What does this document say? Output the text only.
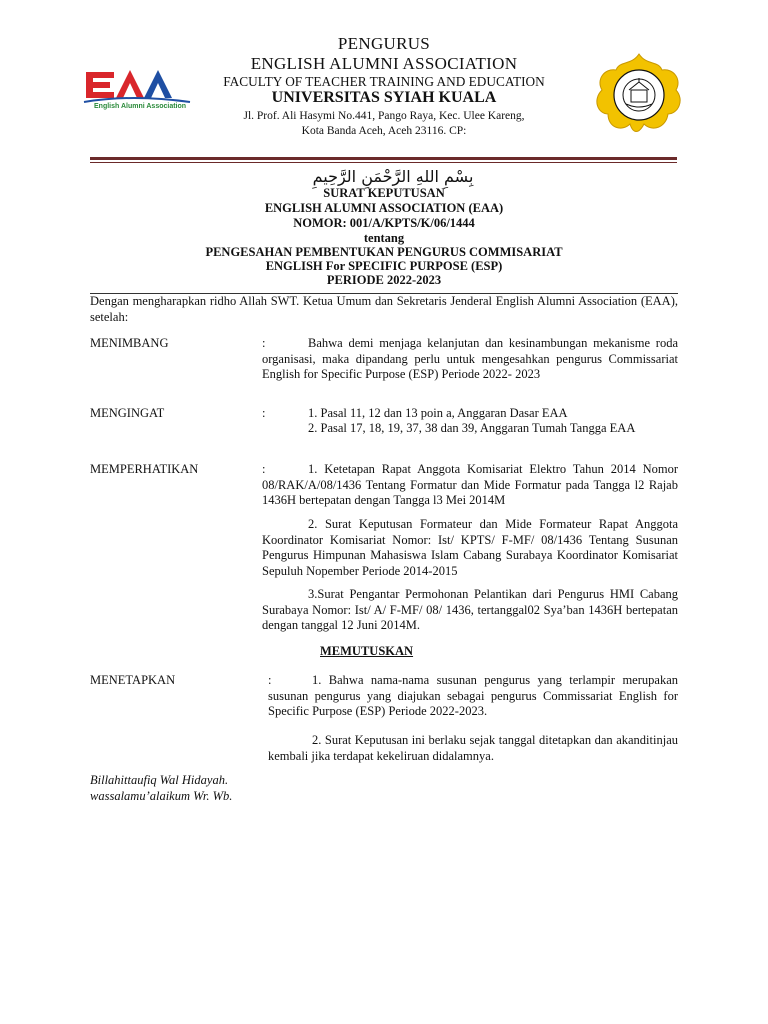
English Alumni Association
PENGURUS
ENGLISH ALUMNI ASSOCIATION
FACULTY OF TEACHER TRAINING AND EDUCATION
UNIVERSITAS SYIAH KUALA
Jl. Prof. Ali Hasymi No.441, Pango Raya, Kec. Ulee Kareng,
Kota Banda Aceh, Aceh 23116. CP:
بِسْمِ اللهِ الرَّحْمَنِ الرَّحِيمِ
SURAT KEPUTUSAN
ENGLISH ALUMNI ASSOCIATION (EAA)
NOMOR: 001/A/KPTS/K/06/1444
tentang
PENGESAHAN PEMBENTUKAN PENGURUS COMMISARIAT
ENGLISH For SPECIFIC PURPOSE (ESP)
PERIODE 2022-2023
Dengan mengharapkan ridho Allah SWT. Ketua Umum dan Sekretaris Jenderal English Alumni Association (EAA), setelah:
MENIMBANG	:	Bahwa demi menjaga kelanjutan dan kesinambungan mekanisme roda organisasi, maka dipandang perlu untuk mengesahkan pengurus Commissariat English for Specific Purpose (ESP) Periode 2022- 2023
MENGINGAT	:	1. Pasal 11, 12 dan 13 poin a, Anggaran Dasar EAA
2. Pasal 17, 18, 19, 37, 38 dan 39, Anggaran Tumah Tangga EAA
MEMPERHATIKAN	:	1. Ketetapan Rapat Anggota Komisariat Elektro Tahun 2014 Nomor 08/RAK/A/08/1436 Tentang Formatur dan Mide Formatur pada Tangga l2 Rajab 1436H bertepatan dengan Tangga l3 Mei 2014M
2. Surat Keputusan Formateur dan Mide Formateur Rapat Anggota Koordinator Komisariat Nomor: Ist/ KPTS/ F-MF/ 08/1436 Tentang Susunan Pengurus Himpunan Mahasiswa Islam Cabang Surabaya Koordinator Komisariat Sepuluh Nopember Periode 2014-2015
3.Surat Pengantar Permohonan Pelantikan dari Pengurus HMI Cabang Surabaya Nomor: Ist/ A/ F-MF/ 08/ 1436, tertanggal02 Sya’ban 1436H bertepatan dengan tanggal 12 Juni 2014M.
MEMUTUSKAN
MENETAPKAN	:	1. Bahwa nama-nama susunan pengurus yang terlampir merupakan susunan pengurus yang diajukan sebagai pengurus Commissariat English for Specific Purpose (ESP) Periode 2022-2023.
2. Surat Keputusan ini berlaku sejak tanggal ditetapkan dan akanditinjau kembali jika terdapat kekeliruan didalamnya.
Billahittaufiq Wal Hidayah.
wassalamu’alaikum Wr. Wb.
